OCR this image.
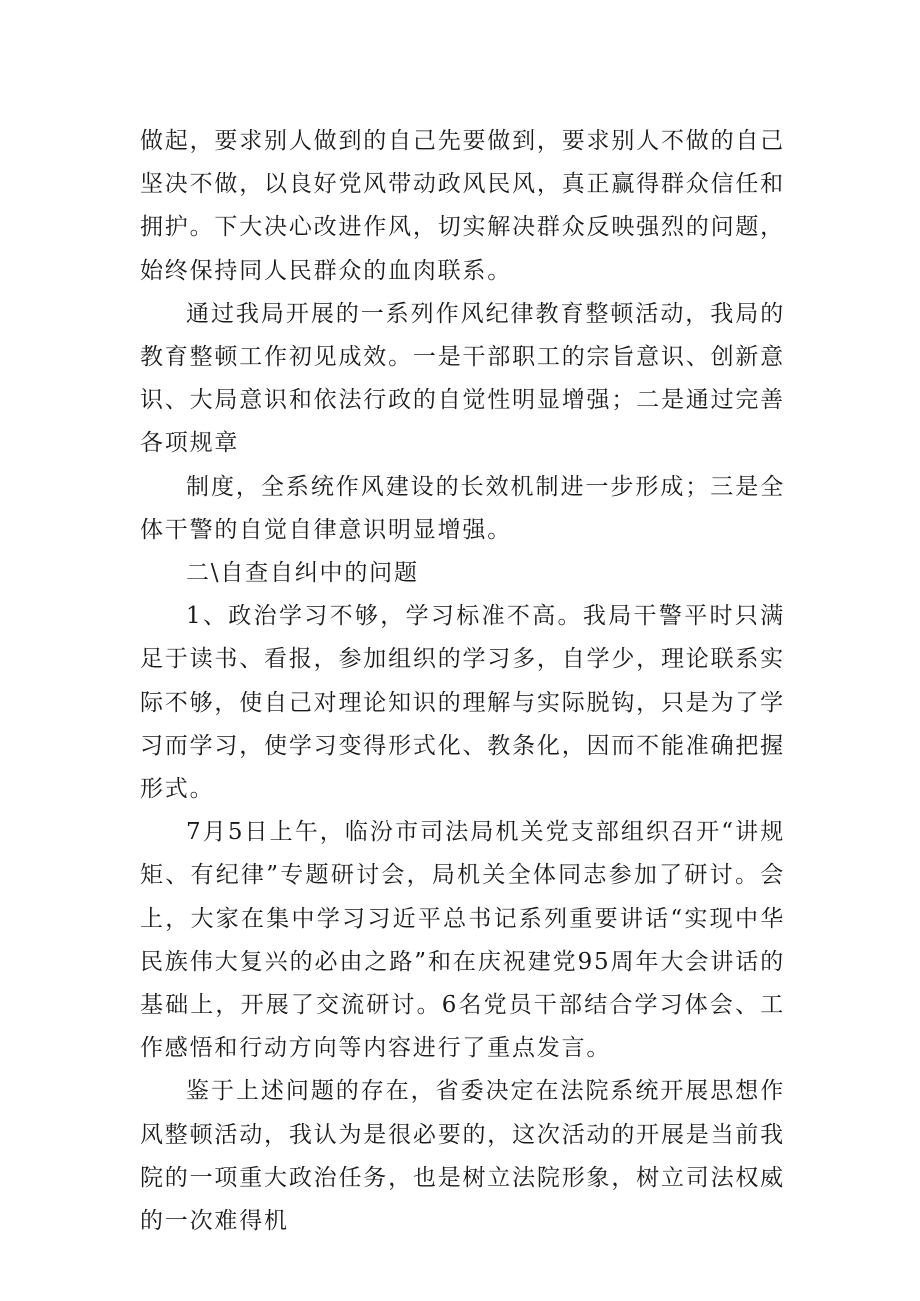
做起，要求别人做到的自己先要做到，要求别人不做的自己坚决不做，以良好党风带动政风民风，真正赢得群众信任和拥护。下大决心改进作风，切实解决群众反映强烈的问题，始终保持同人民群众的血肉联系。

通过我局开展的一系列作风纪律教育整顿活动，我局的教育整顿工作初见成效。一是干部职工的宗旨意识、创新意识、大局意识和依法行政的自觉性明显增强；二是通过完善各项规章

制度，全系统作风建设的长效机制进一步形成；三是全体干警的自觉自律意识明显增强。

二\自查自纠中的问题

1、政治学习不够，学习标准不高。我局干警平时只满足于读书、看报，参加组织的学习多，自学少，理论联系实际不够，使自己对理论知识的理解与实际脱钩，只是为了学习而学习，使学习变得形式化、教条化，因而不能准确把握形式。

7月5日上午，临汾市司法局机关党支部组织召开“讲规矩、有纪律”专题研讨会，局机关全体同志参加了研讨。会上，大家在集中学习习近平总书记系列重要讲话“实现中华民族伟大复兴的必由之路”和在庆祝建党95周年大会讲话的基础上，开展了交流研讨。6名党员干部结合学习体会、工作感悟和行动方向等内容进行了重点发言。

鉴于上述问题的存在，省委决定在法院系统开展思想作风整顿活动，我认为是很必要的，这次活动的开展是当前我院的一项重大政治任务，也是树立法院形象，树立司法权威的一次难得机
